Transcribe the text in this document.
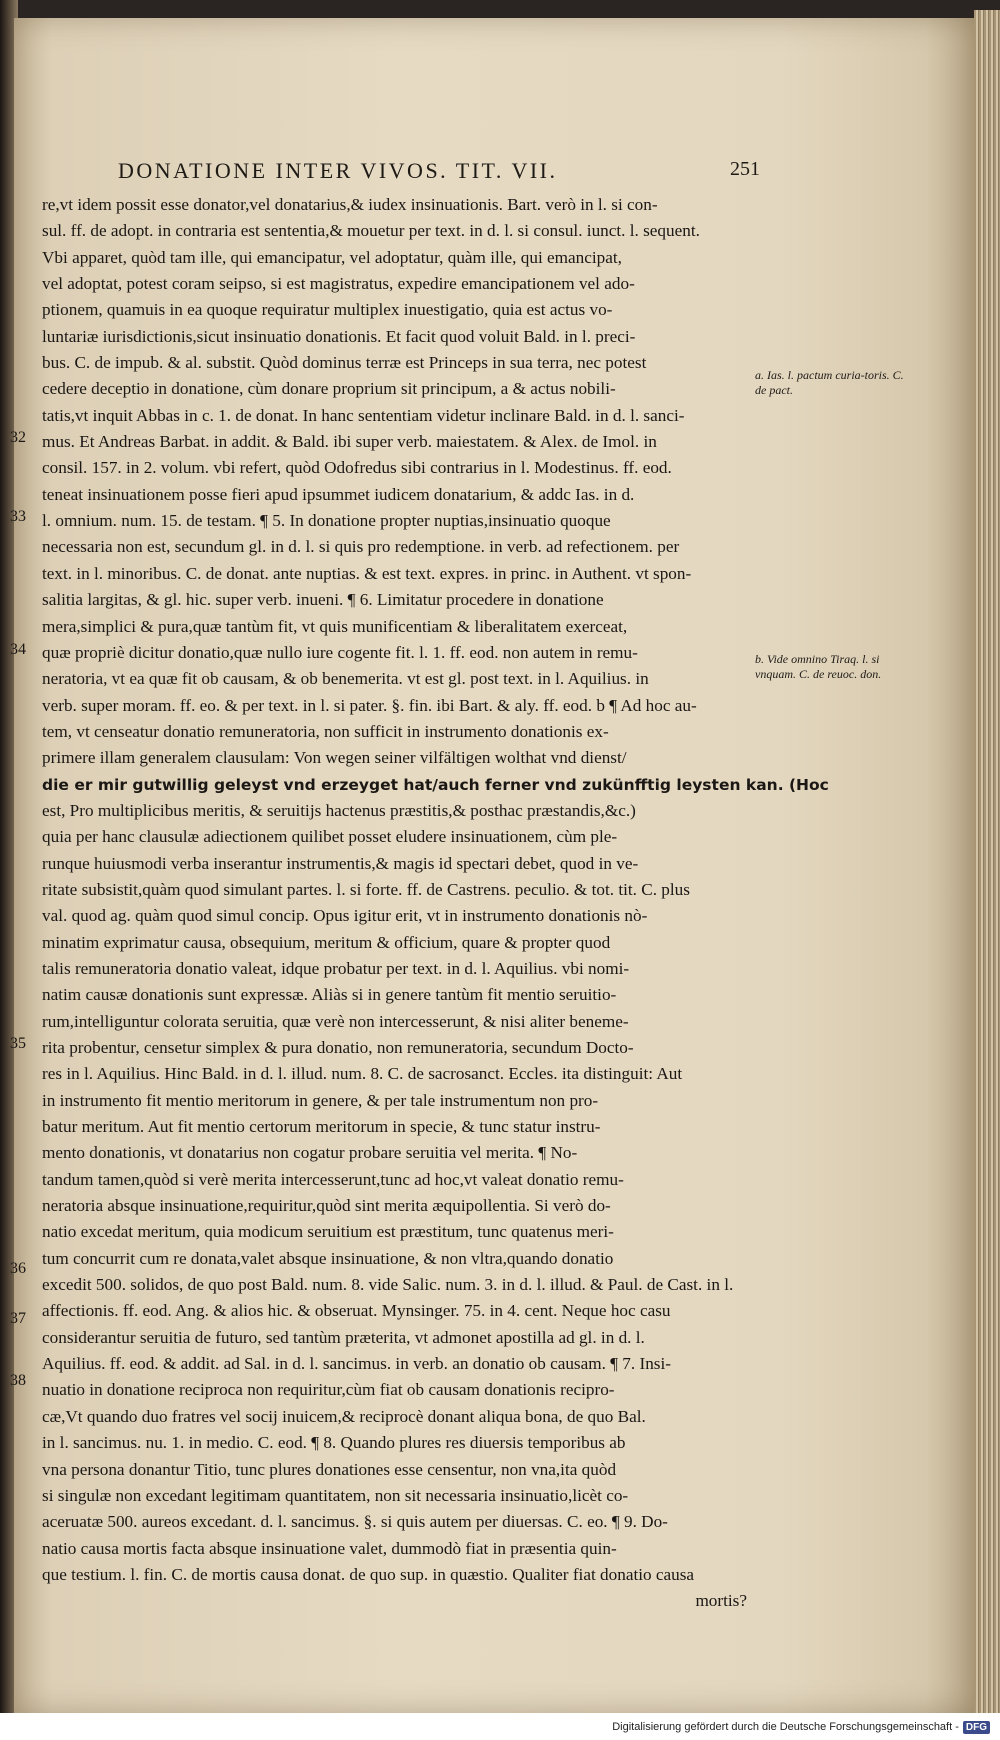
DONATIONE INTER VIVOS. TIT. VII.	251
32
33
34
35
36
37
38
re,vt idem possit esse donator,vel donatarius,& iudex insinuationis. Bart. verò in l. si con-
sul. ff. de adopt. in contraria est sententia,& mouetur per text. in d. l. si consul. iunct. l. sequent.
Vbi apparet, quòd tam ille, qui emancipatur, vel adoptatur, quàm ille, qui emancipat,
vel adoptat, potest coram seipso, si est magistratus, expedire emancipationem vel ado-
ptionem, quamuis in ea quoque requiratur multiplex inuestigatio, quia est actus vo-
luntariæ iurisdictionis,sicut insinuatio donationis. Et facit quod voluit Bald. in l. preci-
bus. C. de impub. & al. substit. Quòd dominus terræ est Princeps in sua terra, nec potest
cedere deceptio in donatione, cùm donare proprium sit principum, a & actus nobili-
tatis,vt inquit Abbas in c. 1. de donat. In hanc sententiam videtur inclinare Bald. in d. l. sanci-
mus. Et Andreas Barbat. in addit. & Bald. ibi super verb. maiestatem. & Alex. de Imol. in
consil. 157. in 2. volum. vbi refert, quòd Odofredus sibi contrarius in l. Modestinus. ff. eod.
teneat insinuationem posse fieri apud ipsummet iudicem donatarium, & addc Ias. in d.
l. omnium. num. 15. de testam. ¶ 5. In donatione propter nuptias,insinuatio quoque
necessaria non est, secundum gl. in d. l. si quis pro redemptione. in verb. ad refectionem. per
text. in l. minoribus. C. de donat. ante nuptias. & est text. expres. in princ. in Authent. vt spon-
salitia largitas, & gl. hic. super verb. inueni. ¶ 6. Limitatur procedere in donatione
mera,simplici & pura,quæ tantùm fit, vt quis munificentiam & liberalitatem exerceat,
quæ propriè dicitur donatio,quæ nullo iure cogente fit. l. 1. ff. eod. non autem in remu-
neratoria, vt ea quæ fit ob causam, & ob benemerita. vt est gl. post text. in l. Aquilius. in
verb. super moram. ff. eo. & per text. in l. si pater. §. fin. ibi Bart. & aly. ff. eod. b ¶ Ad hoc au-
tem, vt censeatur donatio remuneratoria, non sufficit in instrumento donationis ex-
primere illam generalem clausulam: Von wegen seiner vilfältigen wolthat vnd dienst/
die er mir gutwillig geleyst vnd erzeyget hat/auch ferner vnd zukünfftig leysten kan. (Hoc
est, Pro multiplicibus meritis, & seruitijs hactenus præstitis,& posthac præstandis,&c.)
quia per hanc clausulæ adiectionem quilibet posset eludere insinuationem, cùm ple-
runque huiusmodi verba inserantur instrumentis,& magis id spectari debet, quod in ve-
ritate subsistit,quàm quod simulant partes. l. si forte. ff. de Castrens. peculio. & tot. tit. C. plus
val. quod ag. quàm quod simul concip. Opus igitur erit, vt in instrumento donationis nò-
minatim exprimatur causa, obsequium, meritum & officium, quare & propter quod
talis remuneratoria donatio valeat, idque probatur per text. in d. l. Aquilius. vbi nomi-
natim causæ donationis sunt expressæ. Aliàs si in genere tantùm fit mentio seruitio-
rum,intelliguntur colorata seruitia, quæ verè non intercesserunt, & nisi aliter beneme-
rita probentur, censetur simplex & pura donatio, non remuneratoria, secundum Docto-
res in l. Aquilius. Hinc Bald. in d. l. illud. num. 8. C. de sacrosanct. Eccles. ita distinguit: Aut
in instrumento fit mentio meritorum in genere, & per tale instrumentum non pro-
batur meritum. Aut fit mentio certorum meritorum in specie, & tunc statur instru-
mento donationis, vt donatarius non cogatur probare seruitia vel merita. ¶ No-
tandum tamen,quòd si verè merita intercesserunt,tunc ad hoc,vt valeat donatio remu-
neratoria absque insinuatione,requiritur,quòd sint merita æquipollentia. Si verò do-
natio excedat meritum, quia modicum seruitium est præstitum, tunc quatenus meri-
tum concurrit cum re donata,valet absque insinuatione, & non vltra,quando donatio
excedit 500. solidos, de quo post Bald. num. 8. vide Salic. num. 3. in d. l. illud. & Paul. de Cast. in l.
affectionis. ff. eod. Ang. & alios hic. & obseruat. Mynsinger. 75. in 4. cent. Neque hoc casu
considerantur seruitia de futuro, sed tantùm præterita, vt admonet apostilla ad gl. in d. l.
Aquilius. ff. eod. & addit. ad Sal. in d. l. sancimus. in verb. an donatio ob causam. ¶ 7. Insi-
nuatio in donatione reciproca non requiritur,cùm fiat ob causam donationis recipro-
cæ,Vt quando duo fratres vel socij inuicem,& reciprocè donant aliqua bona, de quo Bal.
in l. sancimus. nu. 1. in medio. C. eod. ¶ 8. Quando plures res diuersis temporibus ab
vna persona donantur Titio, tunc plures donationes esse censentur, non vna,ita quòd
si singulæ non excedant legitimam quantitatem, non sit necessaria insinuatio,licèt co-
aceruatæ 500. aureos excedant. d. l. sancimus. §. si quis autem per diuersas. C. eo. ¶ 9. Do-
natio causa mortis facta absque insinuatione valet, dummodò fiat in præsentia quin-
que testium. l. fin. C. de mortis causa donat. de quo sup. in quæstio. Qualiter fiat donatio causa
mortis?
a. Ias. l. pactum curia-toris. C. de pact.
b. Vide omnino Tiraq. l. si vnquam. C. de reuoc. don.
Digitalisierung gefördert durch die Deutsche Forschungsgemeinschaft - DFG
